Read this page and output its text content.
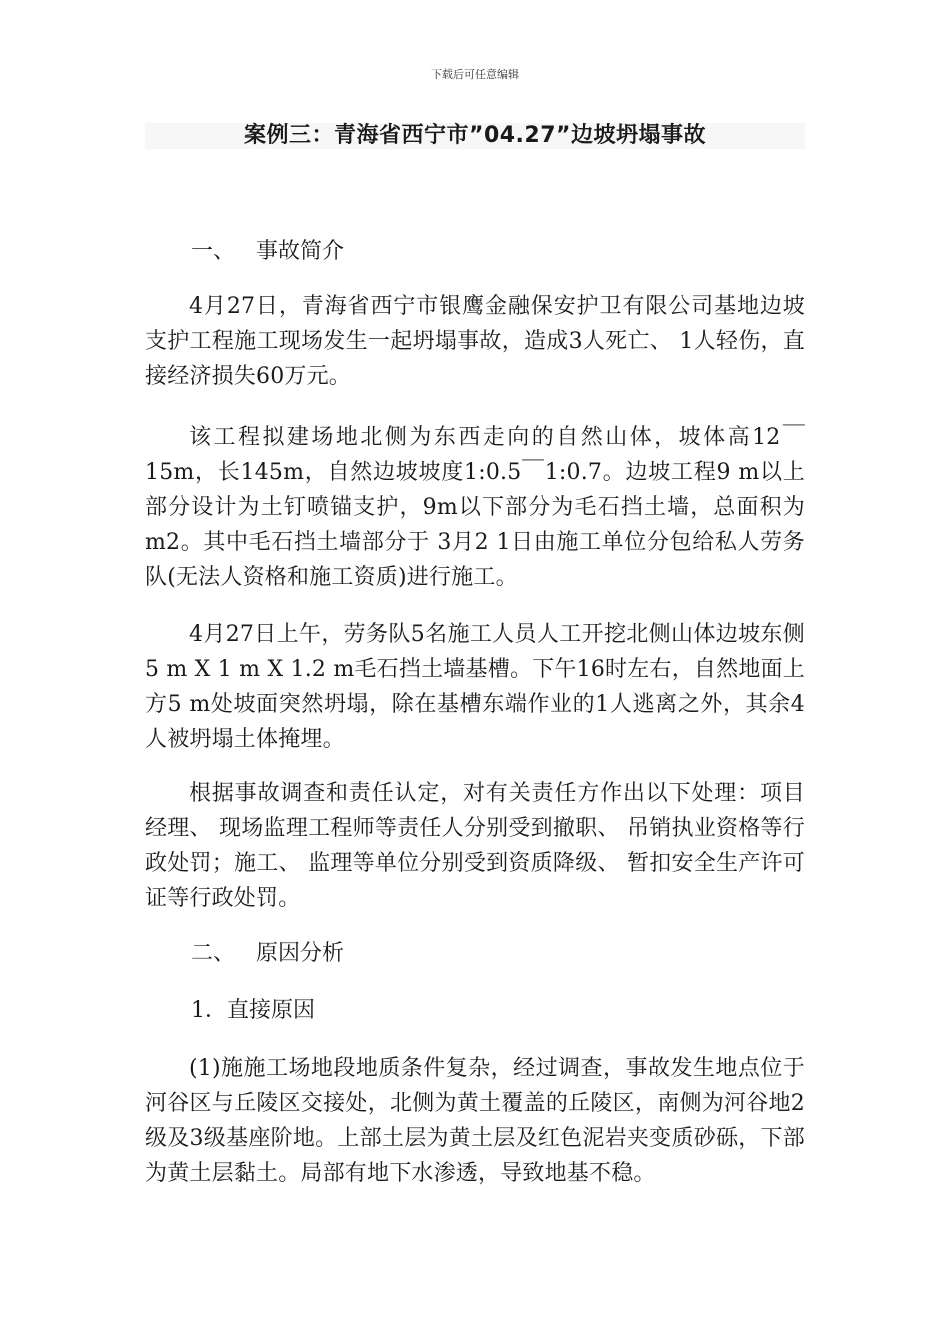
下载后可任意编辑
案例三：青海省西宁市”04.27”边坡坍塌事故
一、   事故简介
4月27日，青海省西宁市银鹰金融保安护卫有限公司基地边坡支护工程施工现场发生一起坍塌事故，造成3人死亡、 1人轻伤，直接经济损失60万元。
该工程拟建场地北侧为东西走向的自然山体，坡体高12￣15m，长145m，自然边坡坡度1:0.5￣1:0.7。边坡工程9 m以上部分设计为土钉喷锚支护，9m以下部分为毛石挡土墙，总面积为m2。其中毛石挡土墙部分于 3月2 1日由施工单位分包给私人劳务队(无法人资格和施工资质)进行施工。
4月27日上午，劳务队5名施工人员人工开挖北侧山体边坡东侧5 m X 1 m X 1.2 m毛石挡土墙基槽。下午16时左右，自然地面上方5 m处坡面突然坍塌，除在基槽东端作业的1人逃离之外，其余4人被坍塌土体掩埋。
根据事故调查和责任认定，对有关责任方作出以下处理：项目经理、 现场监理工程师等责任人分别受到撤职、 吊销执业资格等行政处罚；施工、 监理等单位分别受到资质降级、 暂扣安全生产许可证等行政处罚。
二、   原因分析
1．直接原因
(1)施施工场地段地质条件复杂，经过调查，事故发生地点位于河谷区与丘陵区交接处，北侧为黄土覆盖的丘陵区，南侧为河谷地2级及3级基座阶地。上部土层为黄土层及红色泥岩夹变质砂砾，下部为黄土层黏土。局部有地下水渗透，导致地基不稳。
